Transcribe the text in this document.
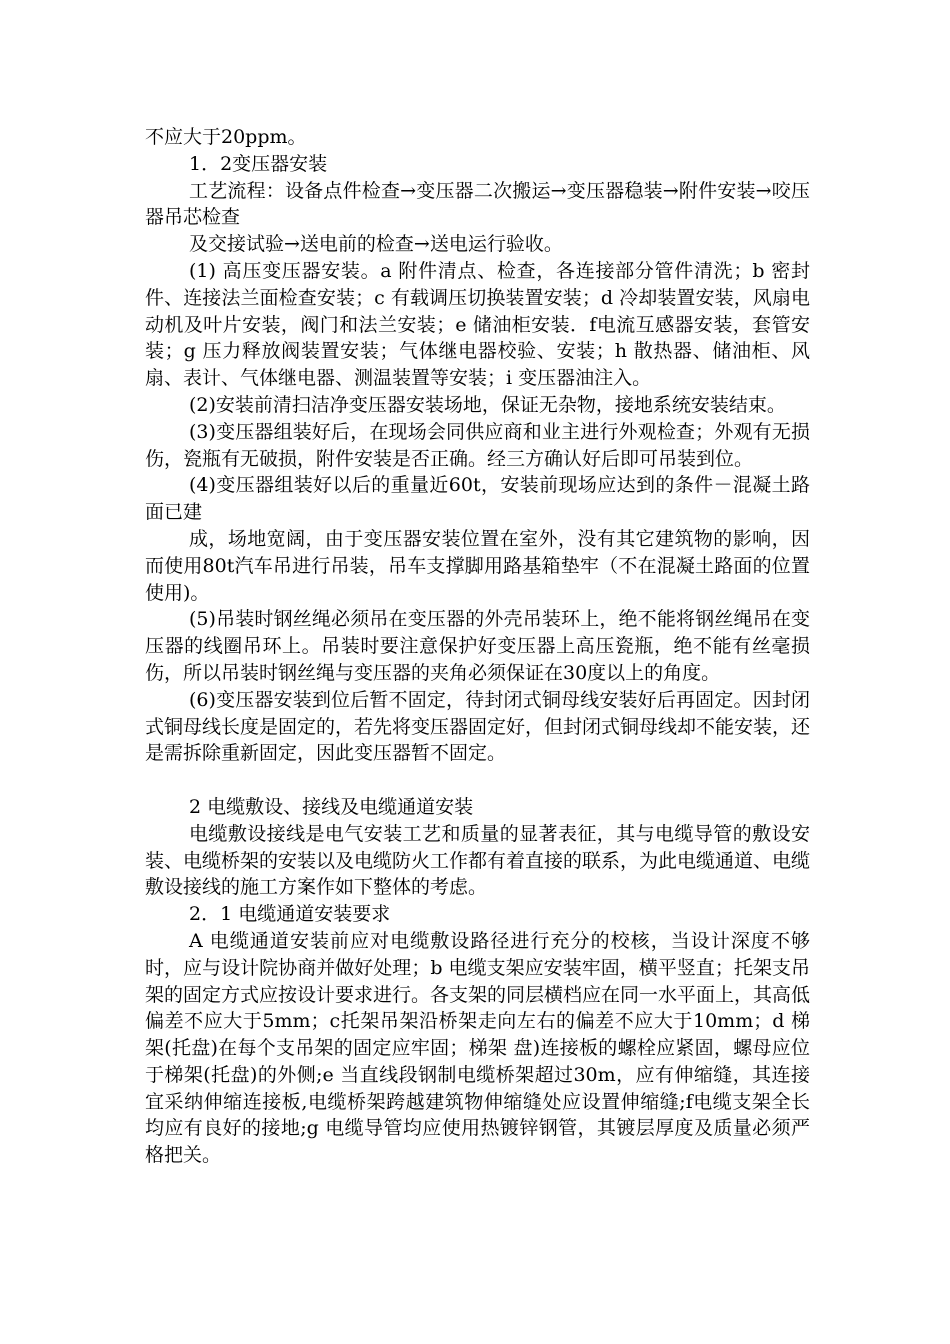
不应大于20ppm。

1．2变压器安装

工艺流程：设备点件检查→变压器二次搬运→变压器稳装→附件安装→咬压器吊芯检查

及交接试验→送电前的检查→送电运行验收。

(1) 高压变压器安装。a 附件清点、检查，各连接部分管件清洗；b 密封件、连接法兰面检查安装；c 有载调压切换装置安装；d 冷却装置安装，风扇电动机及叶片安装，阀门和法兰安装；e 储油柜安装．f电流互感器安装，套管安装；g 压力释放阀装置安装；气体继电器校验、安装；h 散热器、储油柜、风扇、表计、气体继电器、测温装置等安装；i 变压器油注入。

(2)安装前清扫洁净变压器安装场地，保证无杂物，接地系统安装结束。

(3)变压器组装好后，在现场会同供应商和业主进行外观检查；外观有无损伤，瓷瓶有无破损，附件安装是否正确。经三方确认好后即可吊装到位。

(4)变压器组装好以后的重量近60t，安装前现场应达到的条件－混凝土路面已建

成，场地宽阔，由于变压器安装位置在室外，没有其它建筑物的影响，因而使用80t汽车吊进行吊装，吊车支撑脚用路基箱垫牢（不在混凝土路面的位置使用)。

(5)吊装时钢丝绳必须吊在变压器的外壳吊装环上，绝不能将钢丝绳吊在变压器的线圈吊环上。吊装时要注意保护好变压器上高压瓷瓶，绝不能有丝毫损伤，所以吊装时钢丝绳与变压器的夹角必须保证在30度以上的角度。

(6)变压器安装到位后暂不固定，待封闭式铜母线安装好后再固定。因封闭式铜母线长度是固定的，若先将变压器固定好，但封闭式铜母线却不能安装，还是需拆除重新固定，因此变压器暂不固定。

2 电缆敷设、接线及电缆通道安装

电缆敷设接线是电气安装工艺和质量的显著表征，其与电缆导管的敷设安装、电缆桥架的安装以及电缆防火工作都有着直接的联系，为此电缆通道、电缆敷设接线的施工方案作如下整体的考虑。

2．1 电缆通道安装要求

A 电缆通道安装前应对电缆敷设路径进行充分的校核，当设计深度不够时，应与设计院协商并做好处理；b 电缆支架应安装牢固，横平竖直；托架支吊架的固定方式应按设计要求进行。各支架的同层横档应在同一水平面上，其高低偏差不应大于5mm；c托架吊架沿桥架走向左右的偏差不应大于10mm；d 梯架(托盘)在每个支吊架的固定应牢固；梯架 盘)连接板的螺栓应紧固，螺母应位于梯架(托盘)的外侧;e 当直线段钢制电缆桥架超过30m，应有伸缩缝，其连接宜采纳伸缩连接板,电缆桥架跨越建筑物伸缩缝处应设置伸缩缝;f电缆支架全长均应有良好的接地;g 电缆导管均应使用热镀锌钢管，其镀层厚度及质量必须严格把关。
